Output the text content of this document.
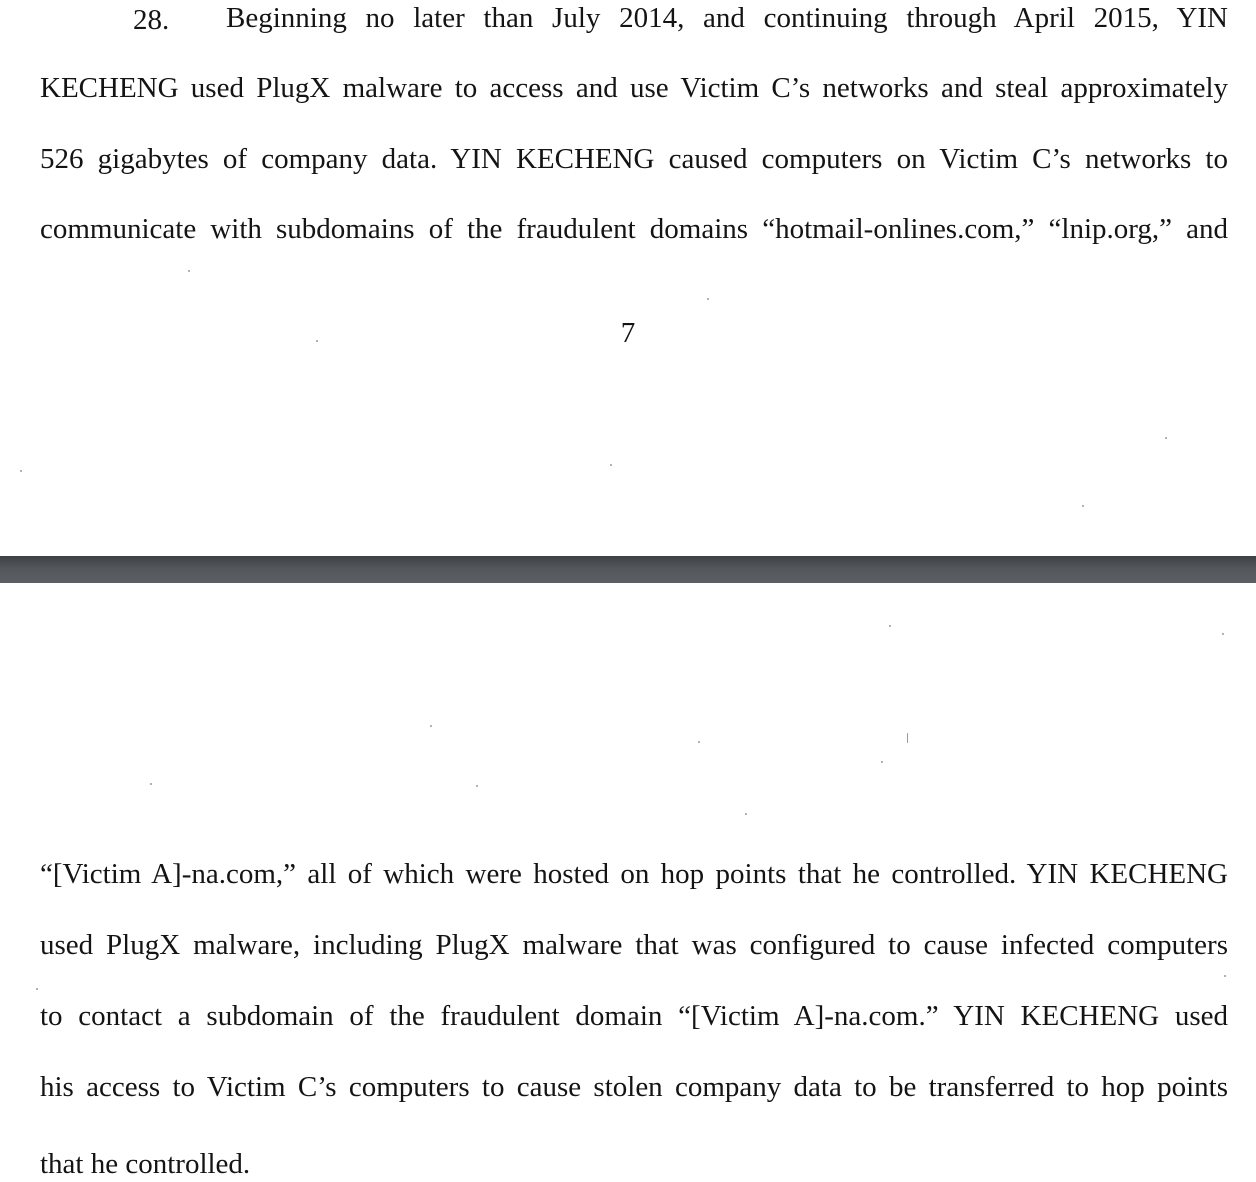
28. Beginning no later than July 2014, and continuing through April 2015, YIN
KECHENG used PlugX malware to access and use Victim C’s networks and steal approximately
526 gigabytes of company data. YIN KECHENG caused computers on Victim C’s networks to
communicate with subdomains of the fraudulent domains “hotmail-onlines.com,” “lnip.org,” and
7
“[Victim A]-na.com,” all of which were hosted on hop points that he controlled. YIN KECHENG
used PlugX malware, including PlugX malware that was configured to cause infected computers
to contact a subdomain of the fraudulent domain “[Victim A]-na.com.” YIN KECHENG used
his access to Victim C’s computers to cause stolen company data to be transferred to hop points
that he controlled.
